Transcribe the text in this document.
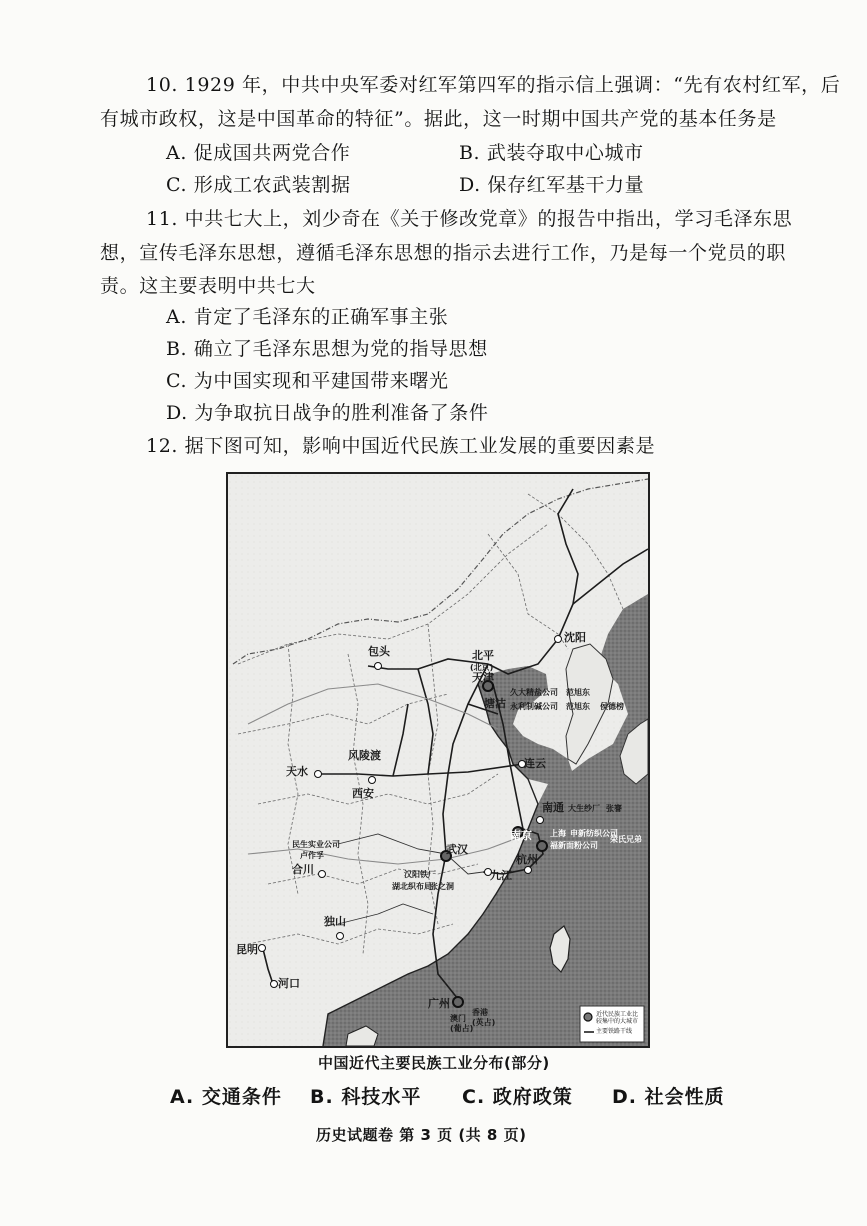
10. 1929 年，中共中央军委对红军第四军的指示信上强调：“先有农村红军，后
有城市政权，这是中国革命的特征”。据此，这一时期中国共产党的基本任务是
A. 促成国共两党合作	B. 武装夺取中心城市
C. 形成工农武装割据	D. 保存红军基干力量
11. 中共七大上，刘少奇在《关于修改党章》的报告中指出，学习毛泽东思
想，宣传毛泽东思想，遵循毛泽东思想的指示去进行工作，乃是每一个党员的职
责。这主要表明中共七大
A. 肯定了毛泽东的正确军事主张
B. 确立了毛泽东思想为党的指导思想
C. 为中国实现和平建国带来曙光
D. 为争取抗日战争的胜利准备了条件
12. 据下图可知，影响中国近代民族工业发展的重要因素是
近代民族工业比较集中的大城市
主要铁路干线
沈阳
包头	北平
(北京)
天津
塘沽
久大精盐公司 范旭东
永利制碱公司 范旭东 侯德榜
天水
风陵渡
西安
连云
南通 大生纱厂 张謇
南京 上海 申新纺织公司
福新面粉公司
荣氏兄弟
民生实业公司
卢作孚
合川
武汉
汉阳铁厂
湖北织布局
张之洞
九江
杭州
独山
昆明
河口
广州
澳门
(葡占)
香港
(英占)
中国近代主要民族工业分布(部分)
A. 交通条件 B. 科技水平 C. 政府政策 D. 社会性质
历史试题卷 第 3 页 (共 8 页)
